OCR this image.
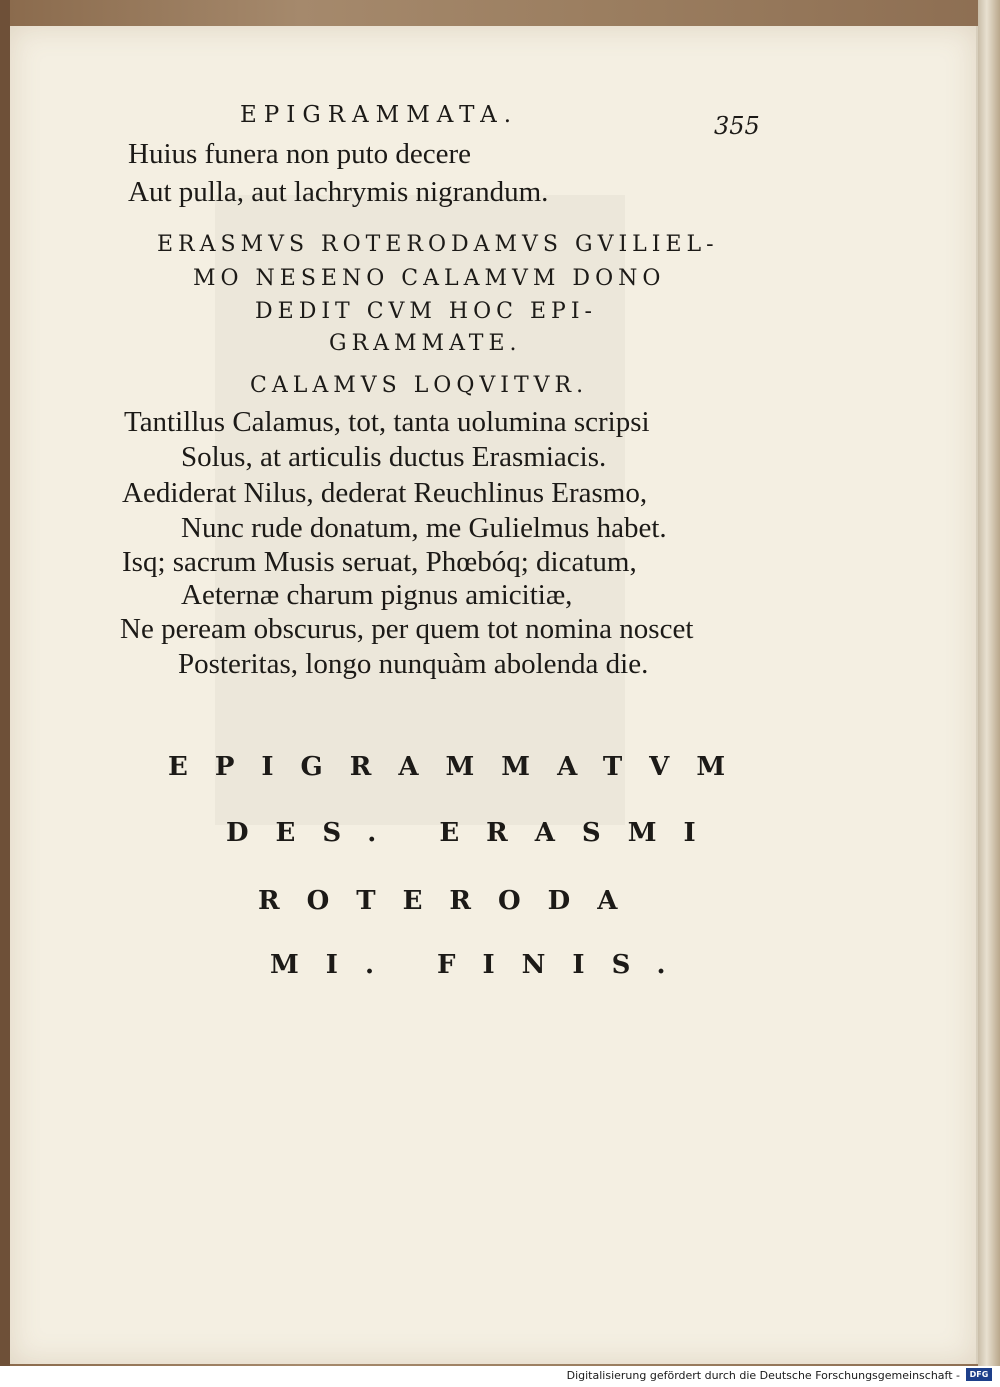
EPIGRAMMATA.	355

Huius funera non puto decere

Aut pulla, aut lachrymis nigrandum.

ERASMVS ROTERODAMVS GVILIEL-

MO NESENO CALAMVM DONO

DEDIT CVM HOC EPI-

GRAMMATE.

CALAMVS LOQVITVR.

Tantillus Calamus, tot, tanta uolumina scripsi

Solus, at articulis ductus Erasmiacis.

Aediderat Nilus, dederat Reuchlinus Erasmo,

Nunc rude donatum, me Gulielmus habet.

Isq; sacrum Musis seruat, Phœbóq; dicatum,

Aeternæ charum pignus amicitiæ,

Ne peream obscurus, per quem tot nomina noscet

Posteritas, longo nunquàm abolenda die.

EPIGRAMMATVM

DES. ERASMI

ROTERODA

MI. FINIS.

Digitalisierung gefördert durch die Deutsche Forschungsgemeinschaft -	DFG
